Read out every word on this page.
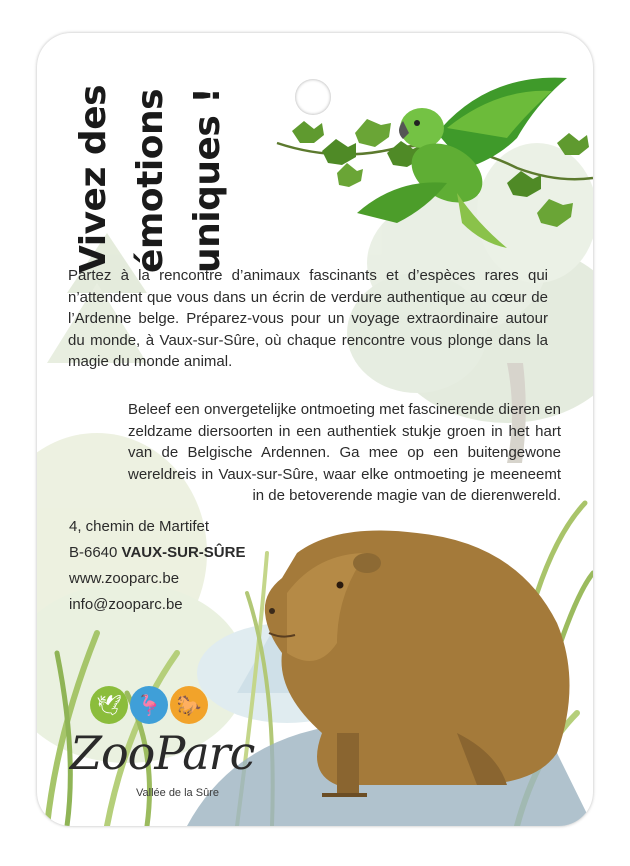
Vivez des émotions uniques !
Partez à la rencontre d’animaux fascinants et d’espèces rares qui n’attendent que vous dans un écrin de verdure authentique au cœur de l’Ardenne belge. Préparez-vous pour un voyage extraordinaire autour du monde, à Vaux-sur-Sûre, où chaque rencontre vous plonge dans la magie du monde animal.
Beleef een onvergetelijke ontmoeting met fascinerende dieren en zeldzame diersoorten in een authentiek stukje groen in het hart van de Belgische Ardennen. Ga mee op een buitengewone wereldreis in Vaux-sur-Sûre, waar elke ontmoeting je meeneemt in de betoverende magie van de dierenwereld.
4, chemin de Martifet
B-6640 VAUX-SUR-SÛRE
www.zooparc.be
info@zooparc.be
🕊 🦩 🐎
ZooParc
Vallée de la Sûre
